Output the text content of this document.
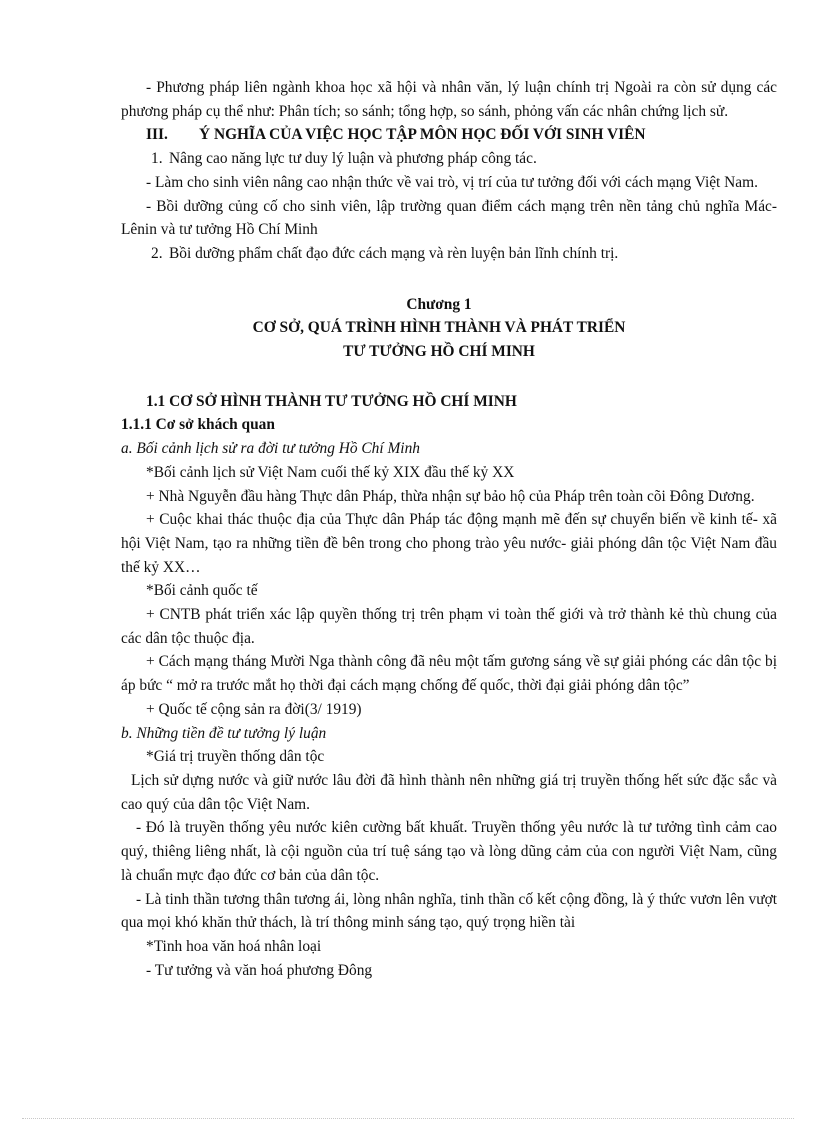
- Phương pháp liên ngành khoa học xã hội và nhân văn, lý luận chính trị Ngoài ra còn sử dụng các phương pháp cụ thể như: Phân tích; so sánh; tổng hợp, so sánh, phỏng vấn các nhân chứng lịch sử.

III. Ý NGHĨA CỦA VIỆC HỌC TẬP MÔN HỌC ĐỐI VỚI SINH VIÊN

1. Nâng cao năng lực tư duy lý luận và phương pháp công tác.

- Làm cho sinh viên nâng cao nhận thức về vai trò, vị trí của tư tưởng đối với cách mạng Việt Nam.

- Bồi dưỡng củng cố cho sinh viên, lập trường quan điểm cách mạng trên nền tảng chủ nghĩa Mác- Lênin và tư tưởng Hồ Chí Minh

2. Bồi dưỡng phẩm chất đạo đức cách mạng và rèn luyện bản lĩnh chính trị.

Chương 1

CƠ SỞ, QUÁ TRÌNH HÌNH THÀNH VÀ PHÁT TRIỂN

TƯ TƯỞNG HỒ CHÍ MINH

1.1 CƠ SỞ HÌNH THÀNH TƯ TƯỞNG HỒ CHÍ MINH

1.1.1 Cơ sở khách quan

a. Bối cảnh lịch sử ra đời tư tưởng Hồ Chí Minh

*Bối cảnh lịch sử Việt Nam cuối thế kỷ XIX đầu thế kỷ XX

+ Nhà Nguyễn đầu hàng Thực dân Pháp, thừa nhận sự bảo hộ của Pháp trên toàn cõi Đông Dương.

+ Cuộc khai thác thuộc địa của Thực dân Pháp tác động mạnh mẽ đến sự chuyển biến về kinh tế- xã hội Việt Nam, tạo ra những tiền đề bên trong cho phong trào yêu nước- giải phóng dân tộc Việt Nam đầu thế kỷ XX…

*Bối cảnh quốc tế

+ CNTB phát triển xác lập quyền thống trị trên phạm vi toàn thế giới và trở thành kẻ thù chung của các dân tộc thuộc địa.

+ Cách mạng tháng Mười Nga thành công đã nêu một tấm gương sáng về sự giải phóng các dân tộc bị áp bức “ mở ra trước mắt họ thời đại cách mạng chống đế quốc, thời đại giải phóng dân tộc”

+ Quốc tế cộng sản ra đời(3/ 1919)

b. Những tiền đề tư tưởng lý luận

*Giá trị truyền thống dân tộc

Lịch sử dựng nước và giữ nước lâu đời đã hình thành nên những giá trị truyền thống hết sức đặc sắc và cao quý của dân tộc Việt Nam.

- Đó là truyền thống yêu nước kiên cường bất khuất. Truyền thống yêu nước là tư tưởng tình cảm cao quý, thiêng liêng nhất, là cội nguồn của trí tuệ sáng tạo và lòng dũng cảm của con người Việt Nam, cũng là chuẩn mực đạo đức cơ bản của dân tộc.

- Là tinh thần tương thân tương ái, lòng nhân nghĩa, tinh thần cố kết cộng đồng, là ý thức vươn lên vượt qua mọi khó khăn thử thách, là trí thông minh sáng tạo, quý trọng hiền tài

*Tinh hoa văn hoá nhân loại

- Tư tưởng và văn hoá phương Đông
